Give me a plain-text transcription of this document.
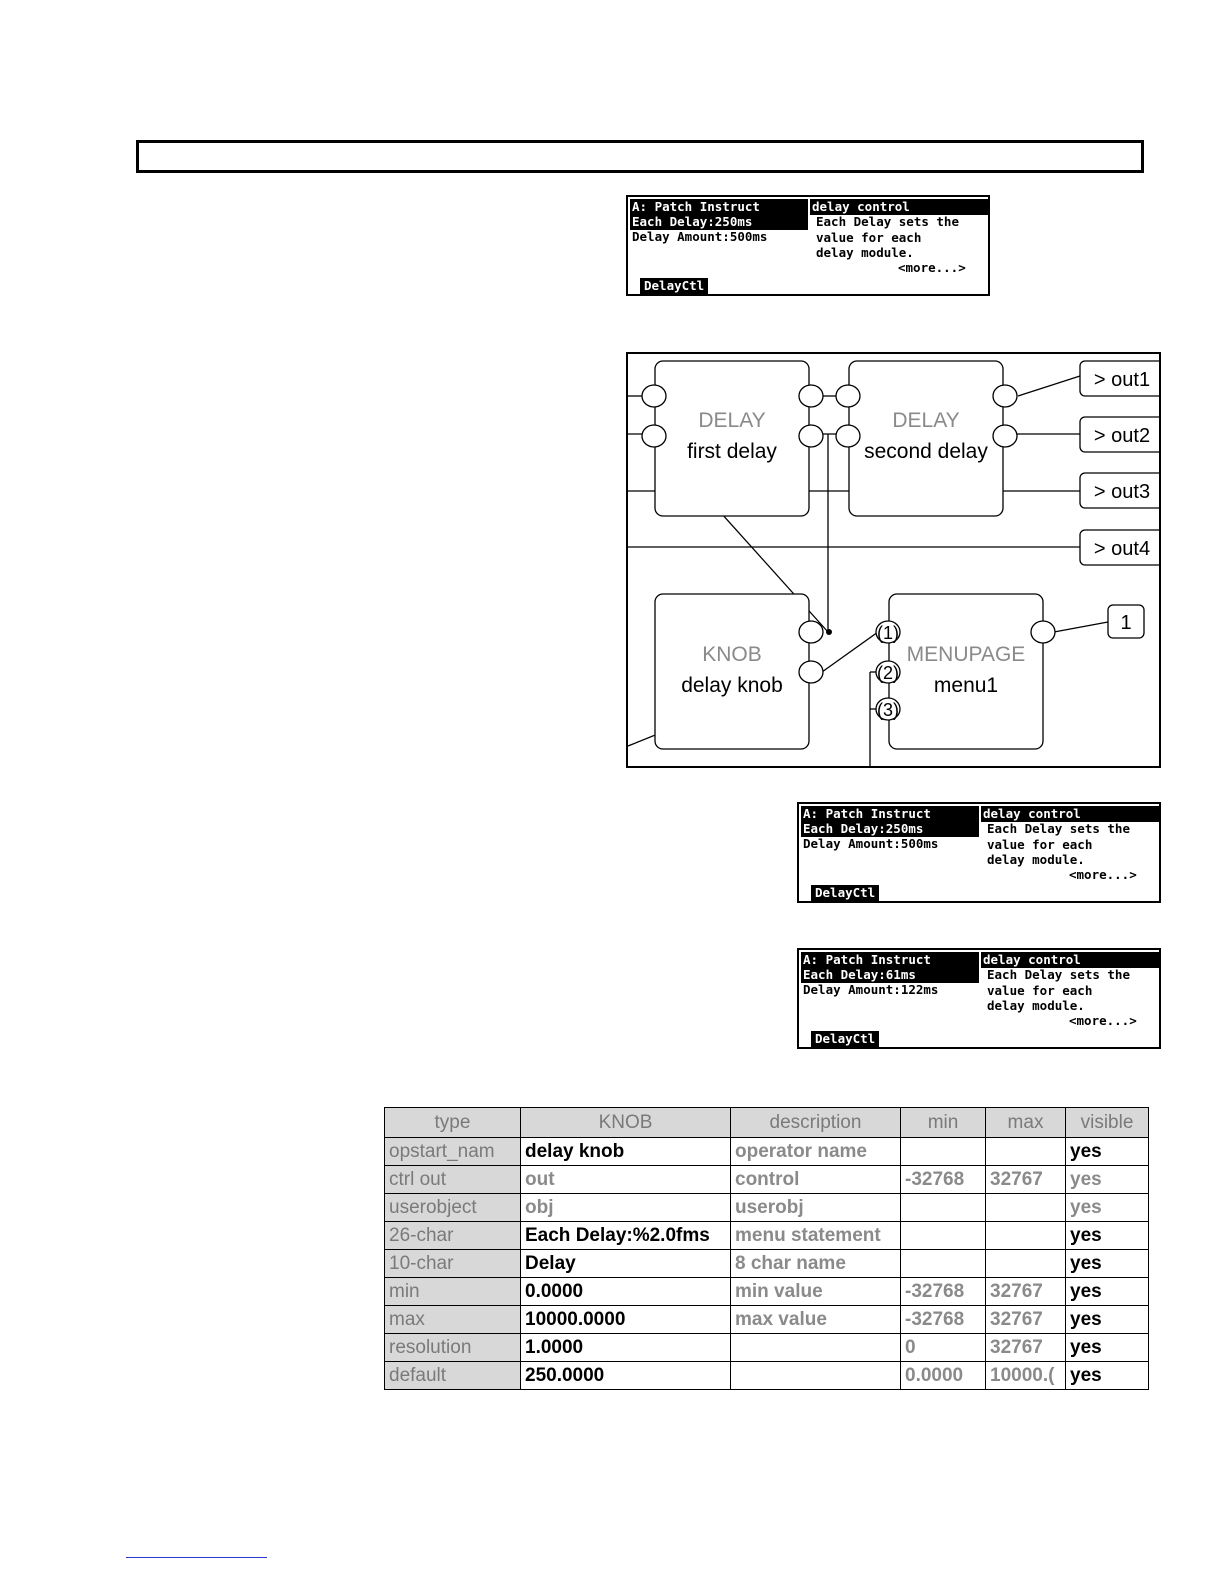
A: Patch Instruct	delay control
Each Delay:250ms
Delay Amount:500ms
Each Delay sets the
value for each
delay module.
<more...>
DelayCtl
DELAY
first delay
DELAY
second delay
KNOB
delay knob
MENUPAGE
menu1
> out1
> out2
> out3
> out4
1
(1)
(2)
(3)
A: Patch Instruct	delay control
Each Delay:250ms
Delay Amount:500ms
Each Delay sets the
value for each
delay module.
<more...>
DelayCtl
A: Patch Instruct	delay control
Each Delay:61ms
Delay Amount:122ms
Each Delay sets the
value for each
delay module.
<more...>
DelayCtl
type	KNOB	description	min	max	visible
opstart_nam	delay knob	operator name			yes
ctrl out	out	control	-32768	32767	yes
userobject	obj	userobj			yes
26-char	Each Delay:%2.0fms	menu statement			yes
10-char	Delay	8 char name			yes
min	0.0000	min value	-32768	32767	yes
max	10000.0000	max value	-32768	32767	yes
resolution	1.0000		0	32767	yes
default	250.0000		0.0000	10000.(	yes
